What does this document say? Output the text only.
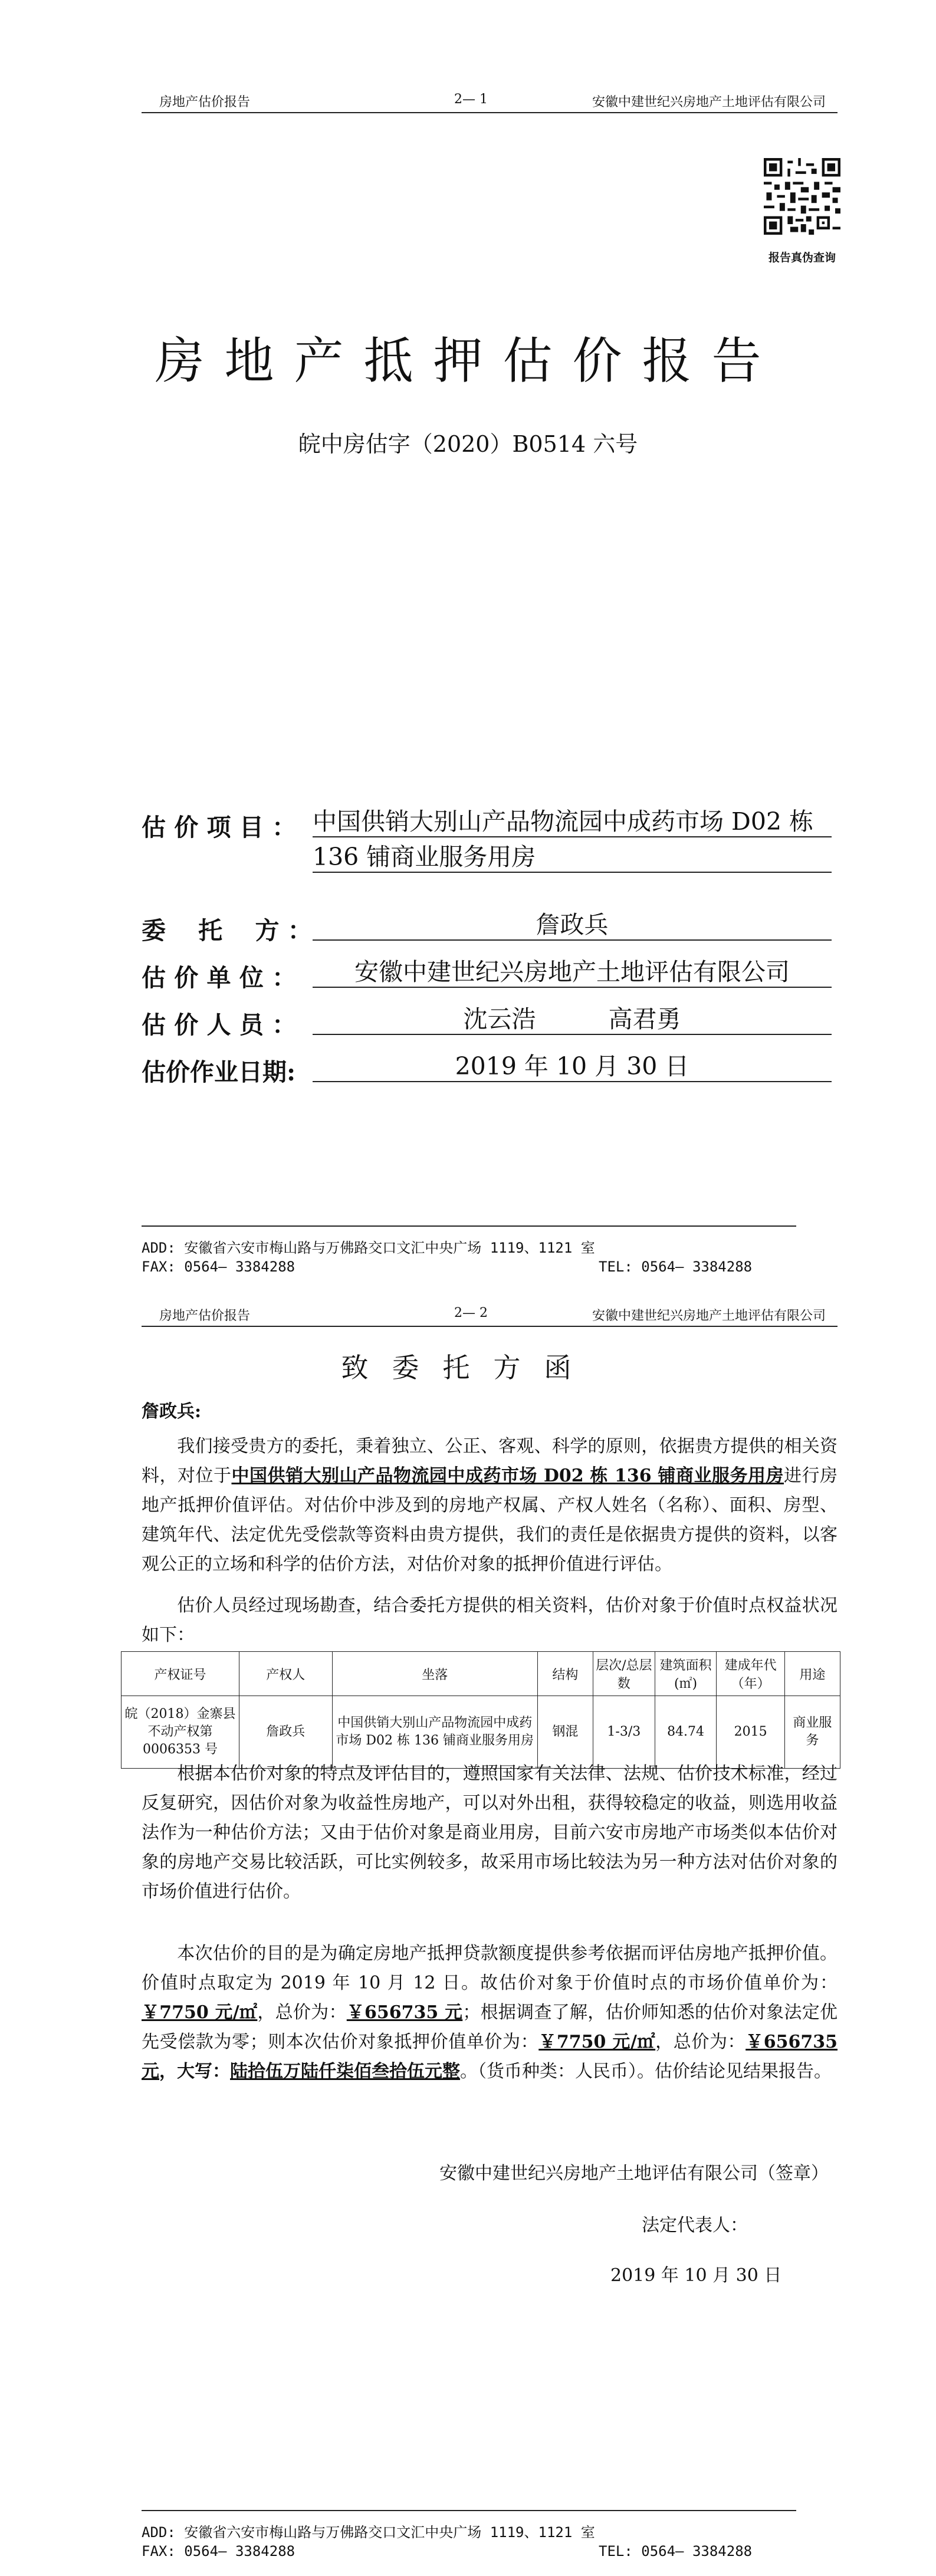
房地产估价报告	2— 1	安徽中建世纪兴房地产土地评估有限公司
报告真伪查询
房地产抵押估价报告
皖中房估字（2020）B0514 六号
估 价 项 目 ： 中国供销大别山产品物流园中成药市场 D02 栋
136 铺商业服务用房
委　 托　 方 ：	詹政兵
估 价 单 位 ：	安徽中建世纪兴房地产土地评估有限公司
估 价 人 员 ：	沈云浩　　　高君勇
估价作业日期:	2019 年 10 月 30 日
ADD: 安徽省六安市梅山路与万佛路交口文汇中央广场 1119、1121 室
FAX: 0564— 3384288	TEL: 0564— 3384288
房地产估价报告	2— 2	安徽中建世纪兴房地产土地评估有限公司
致委托方函
詹政兵:
我们接受贵方的委托，秉着独立、公正、客观、科学的原则，依据贵方提供的相关资料，对位于中国供销大别山产品物流园中成药市场 D02 栋 136 铺商业服务用房进行房地产抵押价值评估。对估价中涉及到的房地产权属、产权人姓名（名称）、面积、房型、建筑年代、法定优先受偿款等资料由贵方提供，我们的责任是依据贵方提供的资料，以客观公正的立场和科学的估价方法，对估价对象的抵押价值进行评估。
估价人员经过现场勘查，结合委托方提供的相关资料，估价对象于价值时点权益状况如下：
产权证号	产权人	坐落	结构	层次/总层数	建筑面积(㎡)	建成年代（年）	用途
皖（2018）金寨县不动产权第 0006353 号	詹政兵	中国供销大别山产品物流园中成药市场 D02 栋 136 铺商业服务用房	钢混	1-3/3	84.74	2015	商业服务
根据本估价对象的特点及评估目的，遵照国家有关法律、法规、估价技术标准，经过反复研究，因估价对象为收益性房地产，可以对外出租，获得较稳定的收益，则选用收益法作为一种估价方法；又由于估价对象是商业用房，目前六安市房地产市场类似本估价对象的房地产交易比较活跃，可比实例较多，故采用市场比较法为另一种方法对估价对象的市场价值进行估价。
本次估价的目的是为确定房地产抵押贷款额度提供参考依据而评估房地产抵押价值。价值时点取定为 2019 年 10 月 12 日。故估价对象于价值时点的市场价值单价为：￥7750 元/㎡，总价为：￥656735 元；根据调查了解，估价师知悉的估价对象法定优先受偿款为零；则本次估价对象抵押价值单价为：￥7750 元/㎡，总价为：￥656735 元，大写：陆拾伍万陆仟柒佰叁拾伍元整。（货币种类：人民币）。估价结论见结果报告。
安徽中建世纪兴房地产土地评估有限公司（签章）
法定代表人：
2019 年 10 月 30 日
ADD: 安徽省六安市梅山路与万佛路交口文汇中央广场 1119、1121 室
FAX: 0564— 3384288	TEL: 0564— 3384288
